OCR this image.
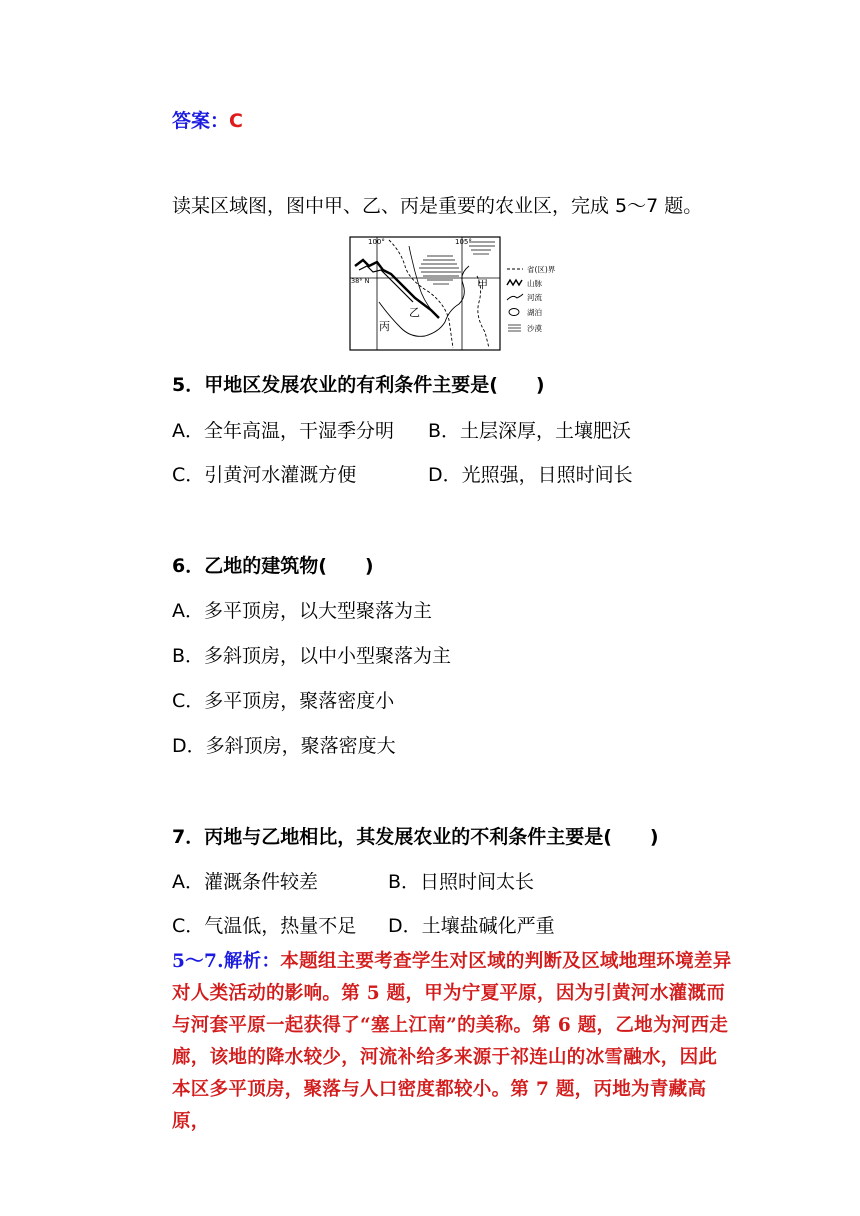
答案：C
读某区域图，图中甲、乙、丙是重要的农业区，完成 5～7 题。
100°	105°
38° N	甲
乙
丙
省(区)界
山脉
河流
湖泊
沙漠
5．甲地区发展农业的有利条件主要是(　　)
A．全年高温，干湿季分明 B．土层深厚，土壤肥沃
C．引黄河水灌溉方便	D．光照强，日照时间长
6．乙地的建筑物(　　)
A．多平顶房，以大型聚落为主
B．多斜顶房，以中小型聚落为主
C．多平顶房，聚落密度小
D．多斜顶房，聚落密度大
7．丙地与乙地相比，其发展农业的不利条件主要是(　　)
A．灌溉条件较差	B．日照时间太长
C．气温低，热量不足 D．土壤盐碱化严重
5～7.解析：本题组主要考查学生对区域的判断及区域地理环境差异对人类活动的影响。第 5 题，甲为宁夏平原，因为引黄河水灌溉而与河套平原一起获得了“塞上江南”的美称。第 6 题，乙地为河西走廊，该地的降水较少，河流补给多来源于祁连山的冰雪融水，因此本区多平顶房，聚落与人口密度都较小。第 7 题，丙地为青藏高原，
